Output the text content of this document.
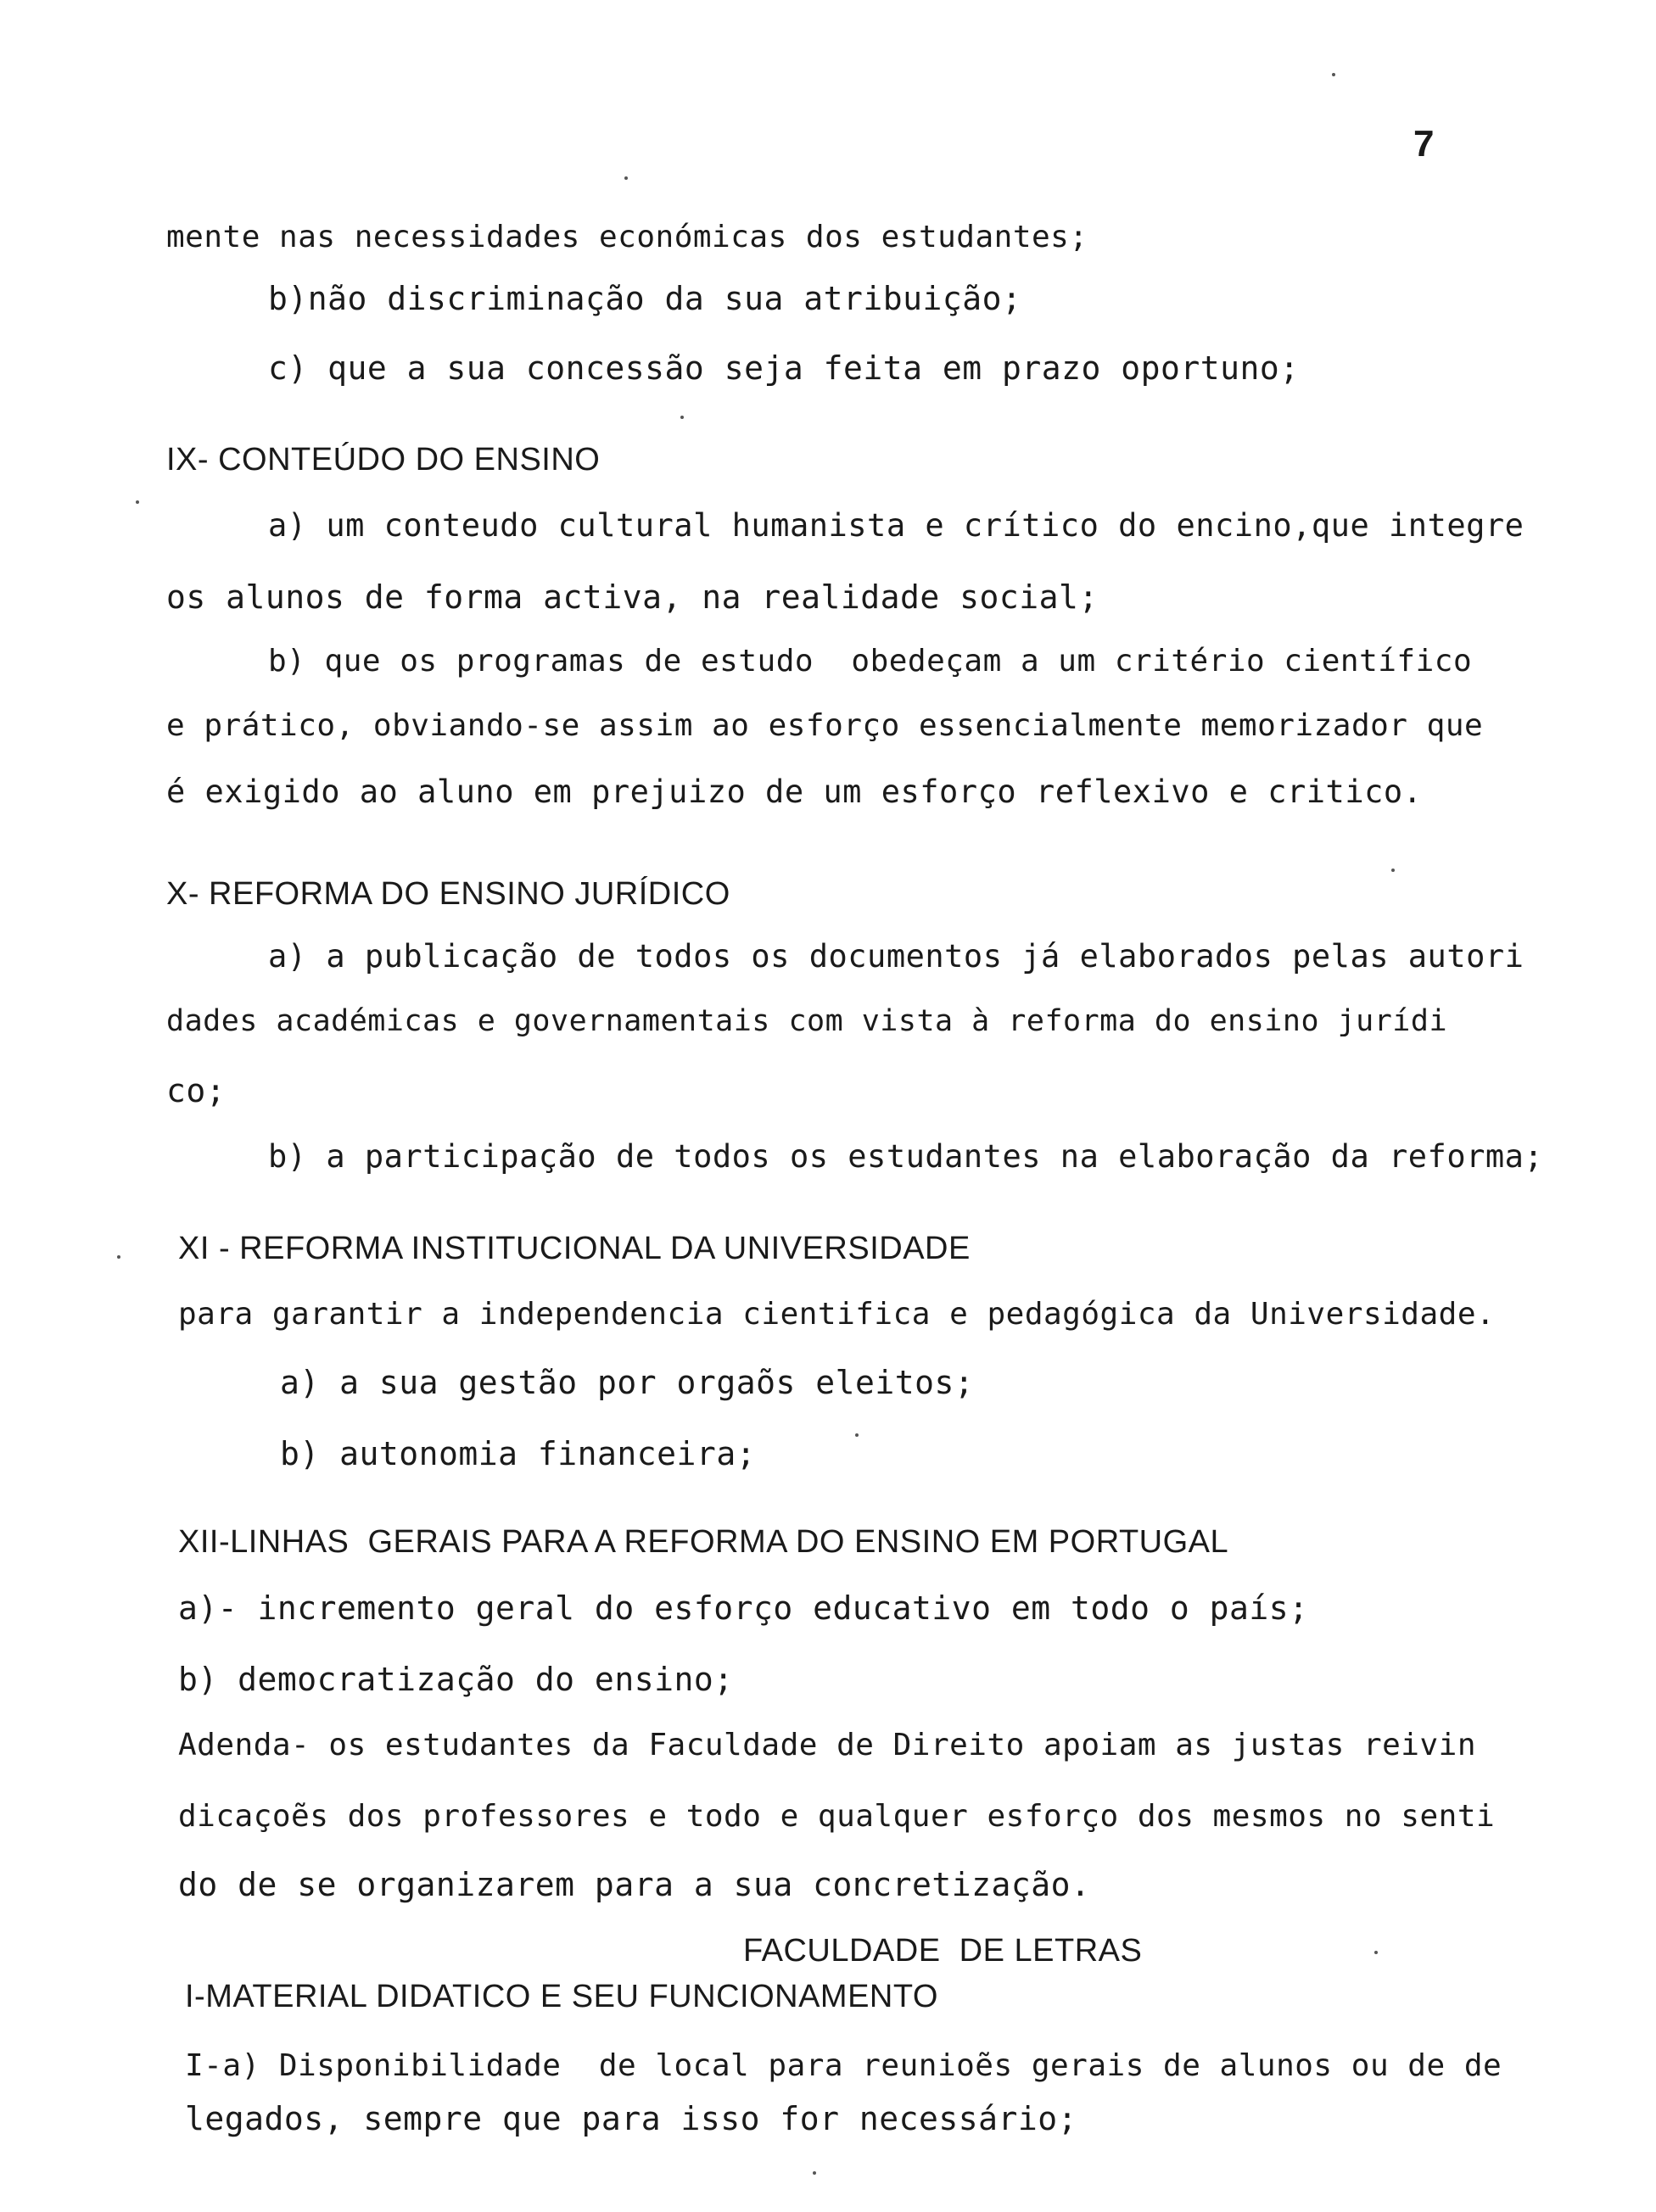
7
mente nas necessidades económicas dos estudantes;
b)não discriminação da sua atribuição;
c) que a sua concessão seja feita em prazo oportuno;
IX- CONTEÚDO DO ENSINO
a) um conteudo cultural humanista e crítico do encino,que integre
os alunos de forma activa, na realidade social;
b) que os programas de estudo  obedeçam a um critério científico
e prático, obviando-se assim ao esforço essencialmente memorizador que
é exigido ao aluno em prejuizo de um esforço reflexivo e critico.
X- REFORMA DO ENSINO JURÍDICO
a) a publicação de todos os documentos já elaborados pelas autori
dades académicas e governamentais com vista à reforma do ensino jurídi
co;
b) a participação de todos os estudantes na elaboração da reforma;
XI - REFORMA INSTITUCIONAL DA UNIVERSIDADE
para garantir a independencia cientifica e pedagógica da Universidade.
a) a sua gestão por orgaõs eleitos;
b) autonomia financeira;
XII-LINHAS  GERAIS PARA A REFORMA DO ENSINO EM PORTUGAL
a)- incremento geral do esforço educativo em todo o país;
b) democratização do ensino;
Adenda- os estudantes da Faculdade de Direito apoiam as justas reivin
dicaçoẽs dos professores e todo e qualquer esforço dos mesmos no senti
do de se organizarem para a sua concretização.
FACULDADE  DE LETRAS
I-MATERIAL DIDATICO E SEU FUNCIONAMENTO
I-a) Disponibilidade  de local para reunioẽs gerais de alunos ou de de
legados, sempre que para isso for necessário;
